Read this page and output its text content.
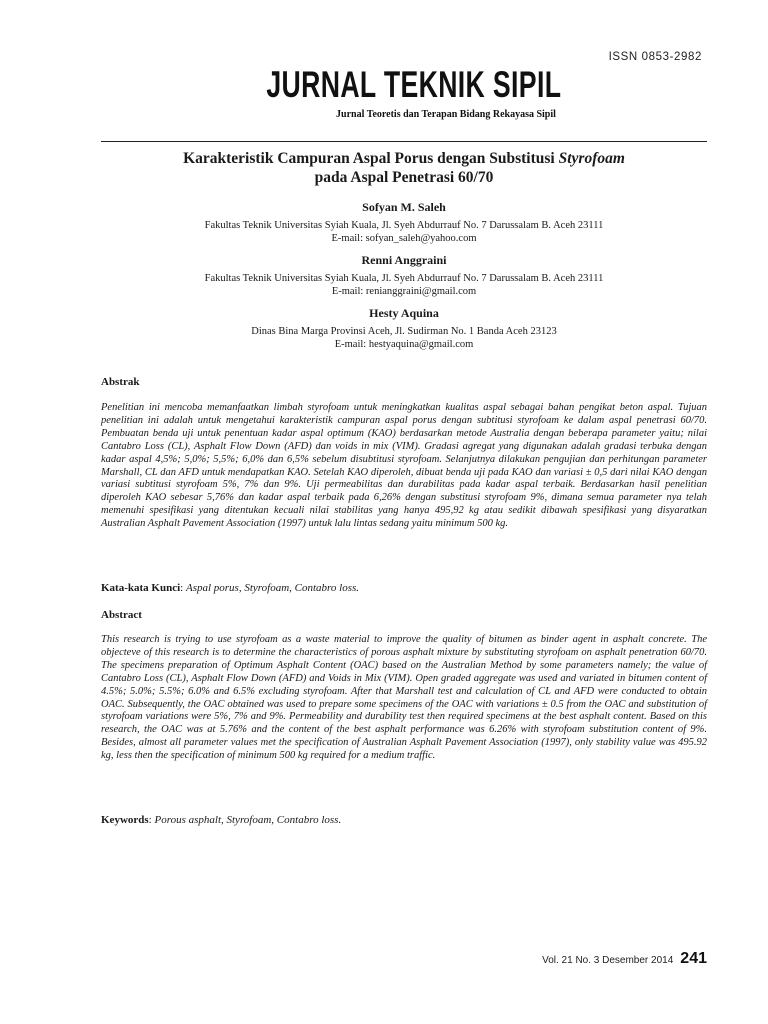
ISSN 0853-2982
JURNAL TEKNIK SIPIL
Jurnal Teoretis dan Terapan Bidang Rekayasa Sipil
Karakteristik Campuran Aspal Porus dengan Substitusi Styrofoam
pada Aspal Penetrasi 60/70
Sofyan M. Saleh
Fakultas Teknik Universitas Syiah Kuala, Jl. Syeh Abdurrauf No. 7 Darussalam B. Aceh 23111
E-mail: sofyan_saleh@yahoo.com
Renni Anggraini
Fakultas Teknik Universitas Syiah Kuala, Jl. Syeh Abdurrauf No. 7 Darussalam B. Aceh 23111
E-mail: renianggraini@gmail.com
Hesty Aquina
Dinas Bina Marga Provinsi Aceh, Jl. Sudirman No. 1 Banda Aceh 23123
E-mail: hestyaquina@gmail.com
Abstrak

Penelitian ini mencoba memanfaatkan limbah styrofoam untuk meningkatkan kualitas aspal sebagai bahan pengikat beton aspal. Tujuan penelitian ini adalah untuk mengetahui karakteristik campuran aspal porus dengan subtitusi styrofoam ke dalam aspal penetrasi 60/70. Pembuatan benda uji untuk penentuan kadar aspal optimum (KAO) berdasarkan metode Australia dengan beberapa parameter yaitu; nilai Cantabro Loss (CL), Asphalt Flow Down (AFD) dan voids in mix (VIM). Gradasi agregat yang digunakan adalah gradasi terbuka dengan kadar aspal 4,5%; 5,0%; 5,5%; 6,0% dan 6,5% sebelum disubtitusi styrofoam. Selanjutnya dilakukan pengujian dan perhitungan parameter Marshall, CL dan AFD untuk mendapatkan KAO. Setelah KAO diperoleh, dibuat benda uji pada KAO dan variasi ± 0,5 dari nilai KAO dengan variasi subtitusi styrofoam 5%, 7% dan 9%. Uji permeabilitas dan durabilitas pada kadar aspal terbaik. Berdasarkan hasil penelitian diperoleh KAO sebesar 5,76% dan kadar aspal terbaik pada 6,26% dengan substitusi styrofoam 9%, dimana semua parameter nya telah memenuhi spesifikasi yang ditentukan kecuali nilai stabilitas yang hanya 495,92 kg atau sedikit dibawah spesifikasi yang disyaratkan Australian Asphalt Pavement Association (1997) untuk lalu lintas sedang yaitu minimum 500 kg.

Kata-kata Kunci: Aspal porus, Styrofoam, Contabro loss.
Abstract

This research is trying to use styrofoam as a waste material to improve the quality of bitumen as binder agent in asphalt concrete. The objecteve of this research is to determine the characteristics of porous asphalt mixture by substituting styrofoam on asphalt penetration 60/70. The specimens preparation of Optimum Asphalt Content (OAC) based on the Australian Method by some parameters namely; the value of Cantabro Loss (CL), Asphalt Flow Down (AFD) and Voids in Mix (VIM). Open graded aggregate was used and variated in bitumen content of 4.5%; 5.0%; 5.5%; 6.0% and 6.5% excluding styrofoam. After that Marshall test and calculation of CL and AFD were conducted to obtain OAC. Subsequently, the OAC obtained was used to prepare some specimens of the OAC with variations ± 0.5 from the OAC and substitution of styrofoam variations were 5%, 7% and 9%. Permeability and durability test then required specimens at the best asphalt content. Based on this research, the OAC was at 5.76% and the content of the best asphalt performance was 6.26% with styrofoam substitution content of 9%. Besides, almost all parameter values met the specification of Australian Asphalt Pavement Association (1997), only stability value was 495.92 kg, less then the specification of minimum 500 kg required for a medium traffic.

Keywords: Porous asphalt, Styrofoam, Contabro loss.
Vol. 21 No. 3 Desember 2014 241
